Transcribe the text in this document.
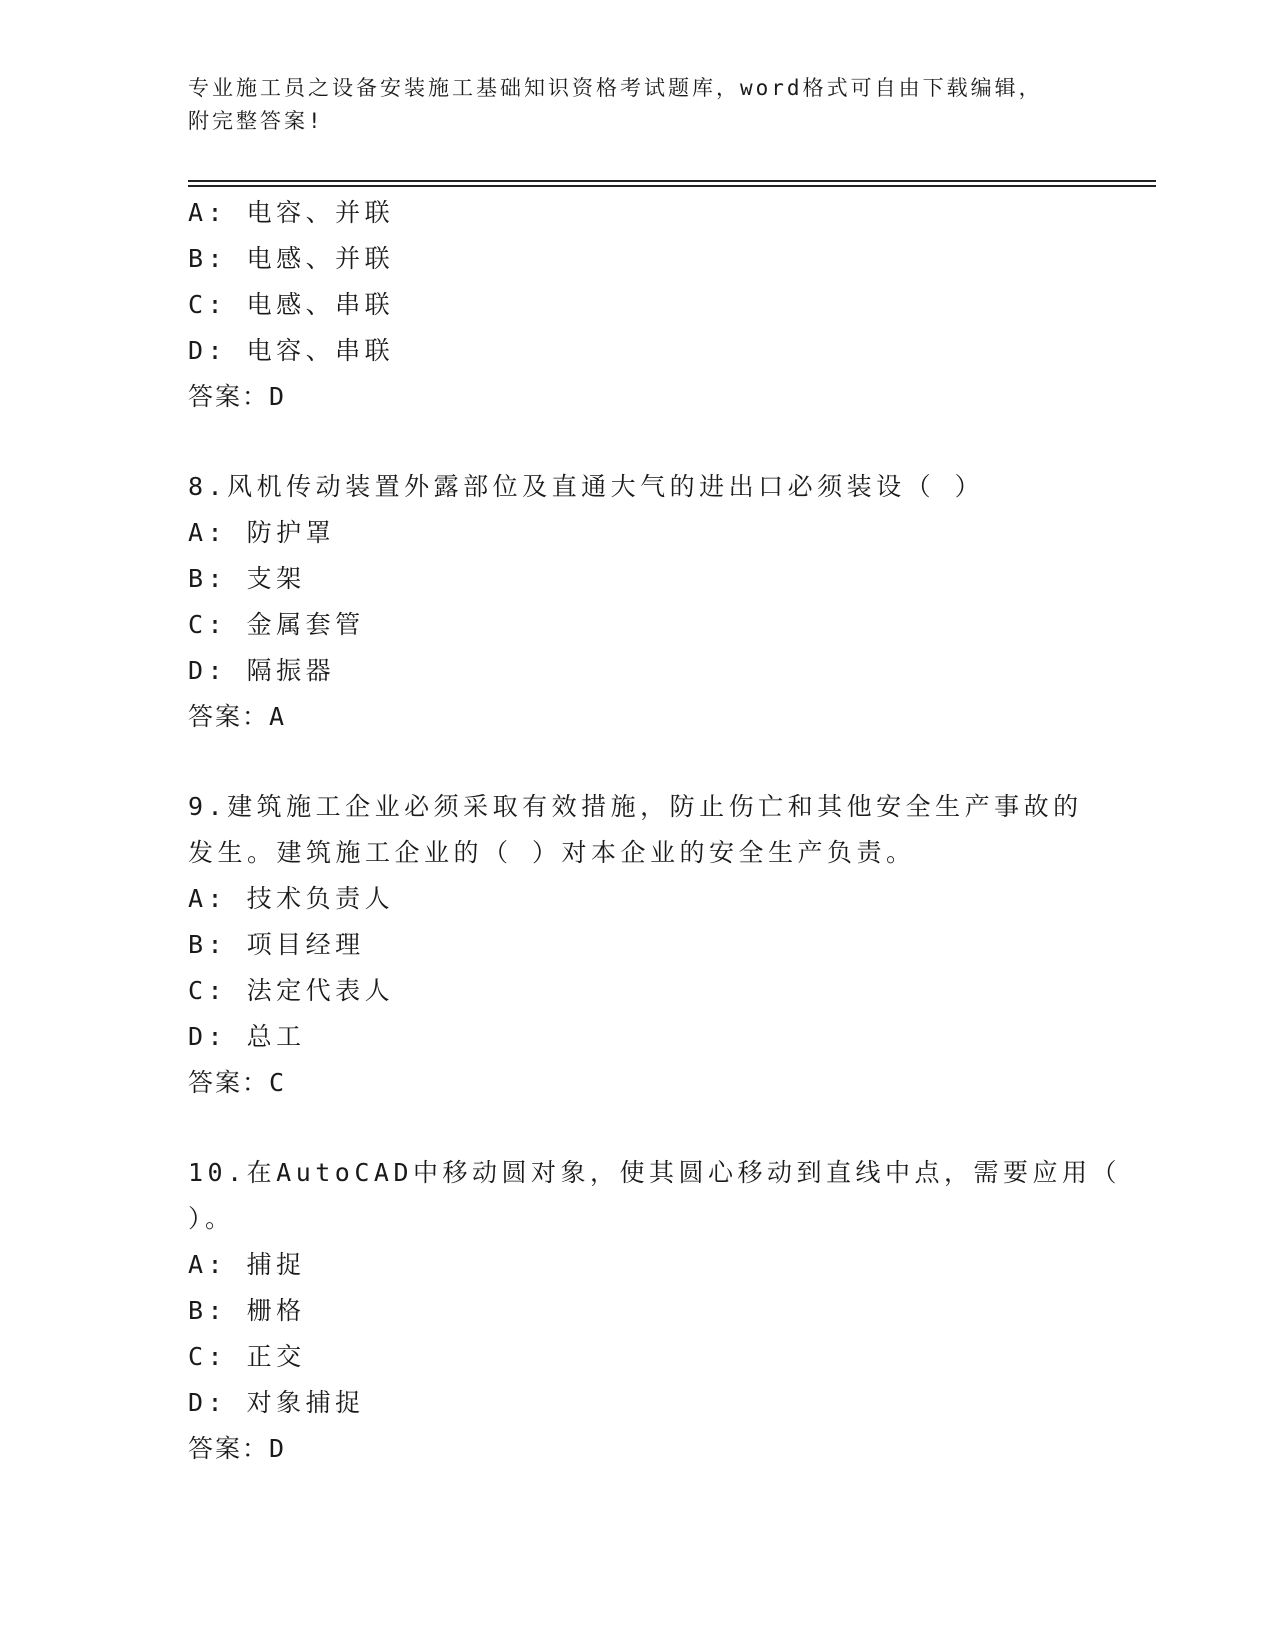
专业施工员之设备安装施工基础知识资格考试题库，word格式可自由下载编辑，
附完整答案!
A: 电容、并联
B: 电感、并联
C: 电感、串联
D: 电容、串联
答案：D
8.风机传动装置外露部位及直通大气的进出口必须装设（ ）
A: 防护罩
B: 支架
C: 金属套管
D: 隔振器
答案：A
9.建筑施工企业必须采取有效措施，防止伤亡和其他安全生产事故的
发生。建筑施工企业的（ ）对本企业的安全生产负责。
A: 技术负责人
B: 项目经理
C: 法定代表人
D: 总工
答案：C
10.在AutoCAD中移动圆对象，使其圆心移动到直线中点，需要应用（
）。
A: 捕捉
B: 栅格
C: 正交
D: 对象捕捉
答案：D
